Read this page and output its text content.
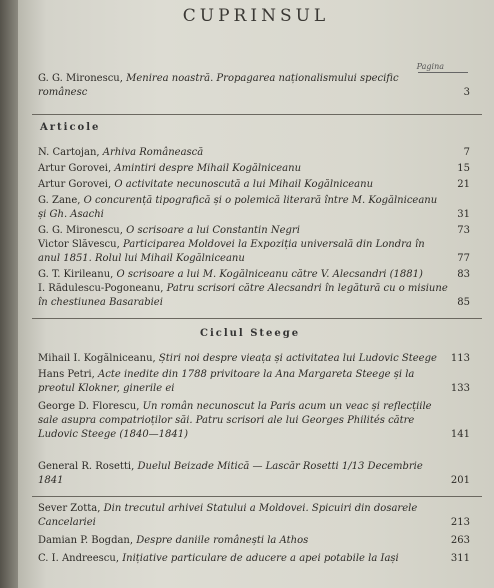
CUPRINSUL
Pagina
G. G. Mironescu, Menirea noastră. Propagarea naționalismului specific românesc	3
Articole
N. Cartojan, Arhiva Românească	7
Artur Gorovei, Amintiri despre Mihail Kogălniceanu	15
Artur Gorovei, O activitate necunoscută a lui Mihail Kogălniceanu	21
G. Zane, O concurență tipografică și o polemică literară între M. Kogălniceanu și Gh. Asachi	31
G. G. Mironescu, O scrisoare a lui Constantin Negri	73
Victor Slăvescu, Participarea Moldovei la Expoziția universală din Londra în anul 1851. Rolul lui Mihail Kogălniceanu	77
G. T. Kirileanu, O scrisoare a lui M. Kogălniceanu către V. Alecsandri (1881)	83
I. Rădulescu-Pogoneanu, Patru scrisori către Alecsandri în legătură cu o misiune în chestiunea Basarabiei	85
Ciclul Steege
Mihail I. Kogălniceanu, Știri noi despre vieața și activitatea lui Ludovic Steege	113
Hans Petri, Acte inedite din 1788 privitoare la Ana Margareta Steege și la preotul Klokner, ginerile ei	133
George D. Florescu, Un român necunoscut la Paris acum un veac și reflecțiile sale asupra compatrioților săi. Patru scrisori ale lui Georges Philités către Ludovic Steege (1840—1841)	141
General R. Rosetti, Duelul Beizade Mitică — Lascăr Rosetti 1/13 Decembrie 1841	201
Sever Zotta, Din trecutul arhivei Statului a Moldovei. Spicuiri din dosarele Cancelariei	213
Damian P. Bogdan, Despre daniile românești la Athos	263
C. I. Andreescu, Inițiative particulare de aducere a apei potabile la Iași	311
